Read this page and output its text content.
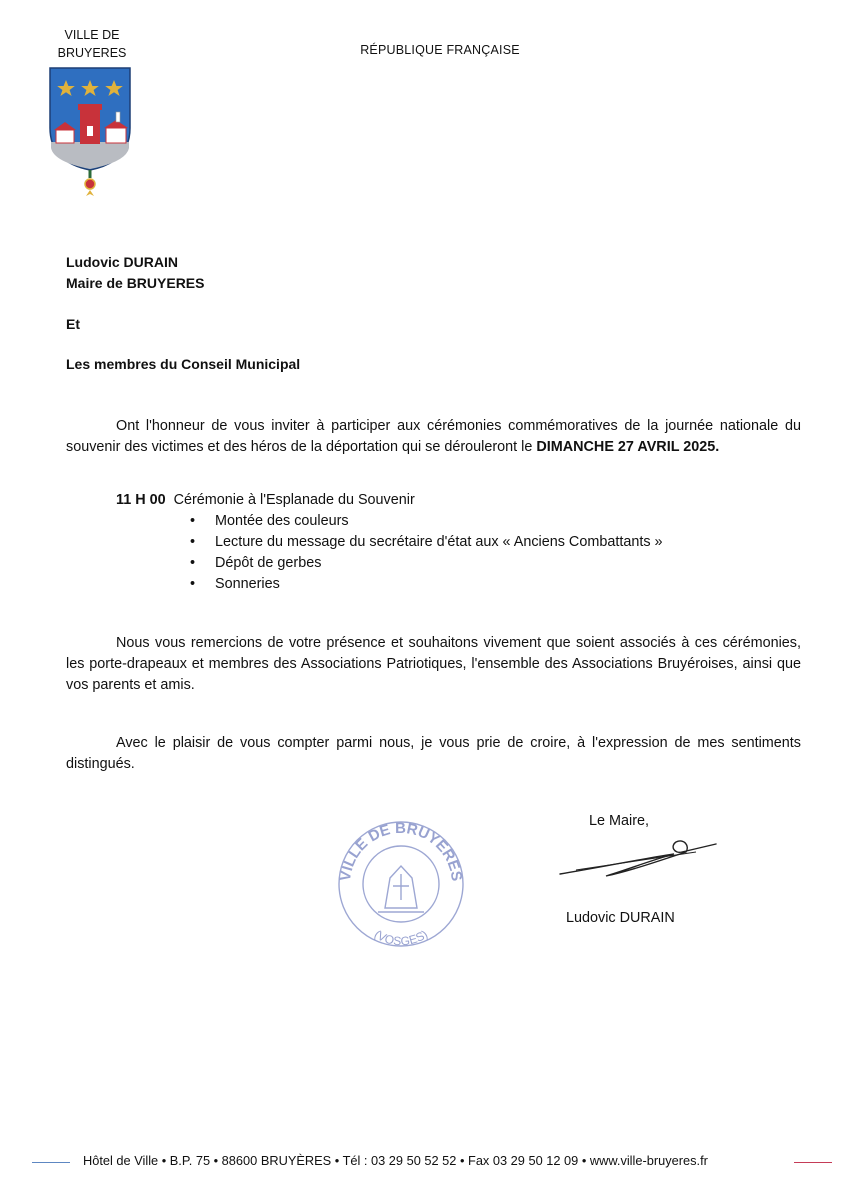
VILLE DE
BRUYERES	RÉPUBLIQUE FRANÇAISE
Ludovic DURAIN
Maire de BRUYERES
Et
Les membres du Conseil Municipal
Ont l'honneur de vous inviter à participer aux cérémonies commémoratives de la journée nationale du souvenir des victimes et des héros de la déportation qui se dérouleront le DIMANCHE 27 AVRIL 2025.
11 H 00 Cérémonie à l'Esplanade du Souvenir
• Montée des couleurs
• Lecture du message du secrétaire d'état aux « Anciens Combattants »
• Dépôt de gerbes
• Sonneries
Nous vous remercions de votre présence et souhaitons vivement que soient associés à ces cérémonies, les porte-drapeaux et membres des Associations Patriotiques, l'ensemble des Associations Bruyéroises, ainsi que vos parents et amis.
Avec le plaisir de vous compter parmi nous, je vous prie de croire, à l'expression de mes sentiments distingués.
VILLE DE BRUYERES
(VOSGES)
Le Maire,
Ludovic DURAIN
Hôtel de Ville • B.P. 75 • 88600 BRUYÈRES • Tél : 03 29 50 52 52 • Fax 03 29 50 12 09 • www.ville-bruyeres.fr
